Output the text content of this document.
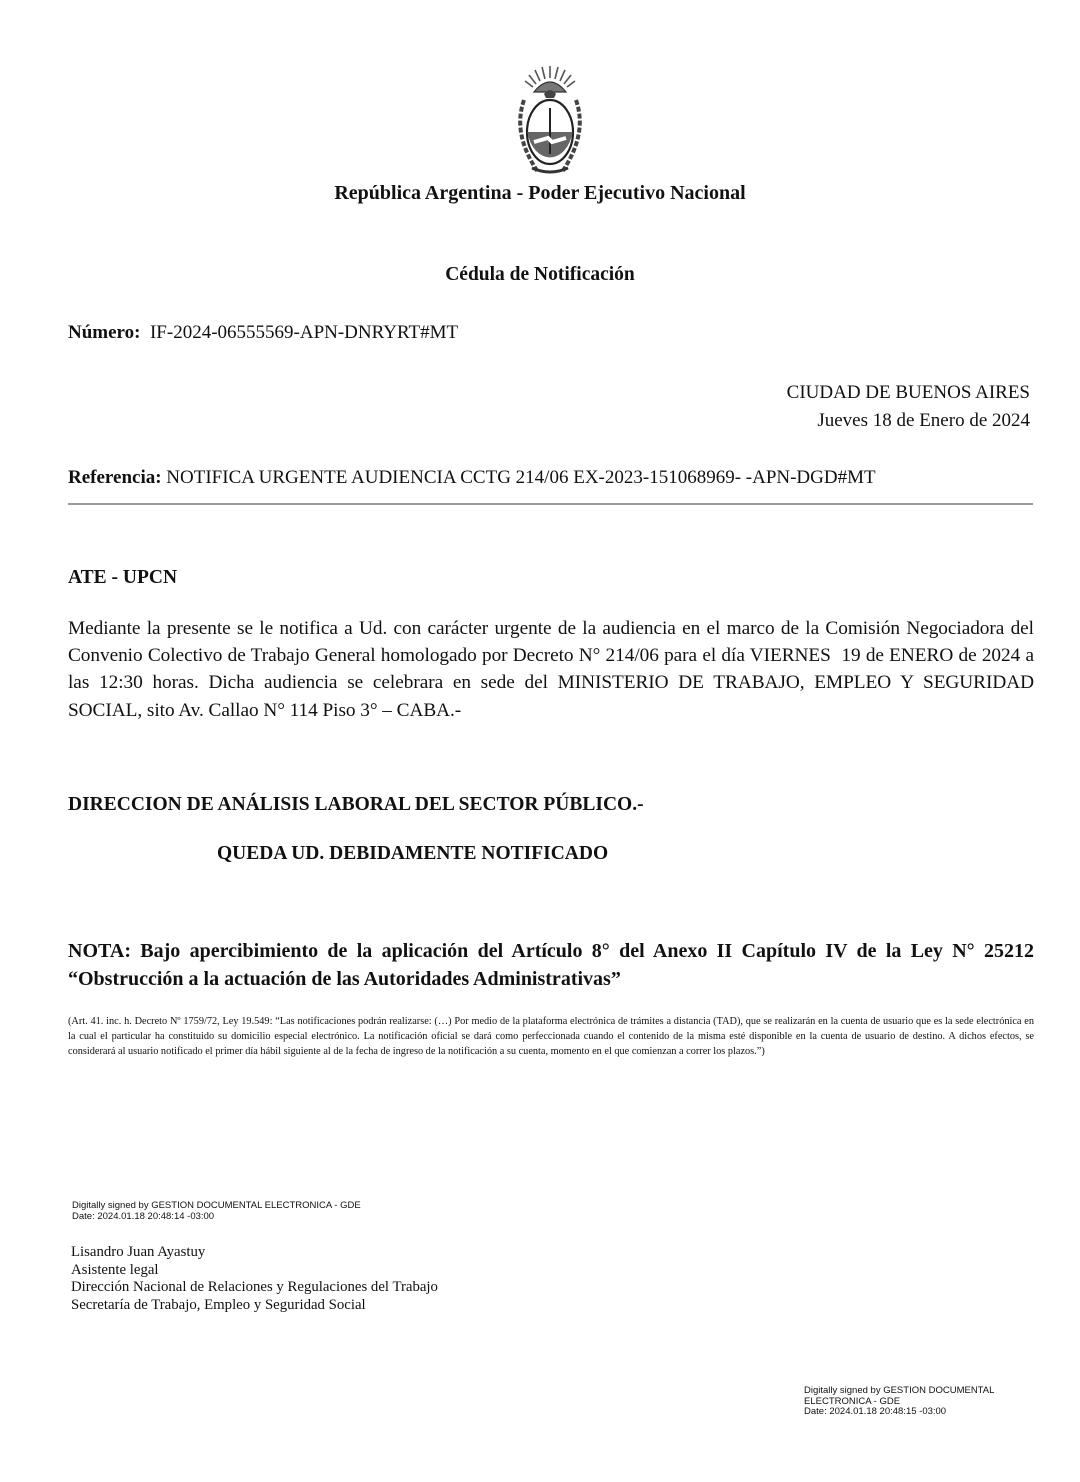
República Argentina - Poder Ejecutivo Nacional
Cédula de Notificación
Número: IF-2024-06555569-APN-DNRYRT#MT
CIUDAD DE BUENOS AIRES
Jueves 18 de Enero de 2024
Referencia: NOTIFICA URGENTE AUDIENCIA CCTG 214/06 EX-2023-151068969- -APN-DGD#MT
ATE - UPCN
Mediante la presente se le notifica a Ud. con carácter urgente de la audiencia en el marco de la Comisión Negociadora del Convenio Colectivo de Trabajo General homologado por Decreto N° 214/06 para el día VIERNES  19 de ENERO de 2024 a las 12:30 horas. Dicha audiencia se celebrara en sede del MINISTERIO DE TRABAJO, EMPLEO Y SEGURIDAD SOCIAL, sito Av. Callao N° 114 Piso 3° – CABA.-
DIRECCION DE ANÁLISIS LABORAL DEL SECTOR PÚBLICO.-
QUEDA UD. DEBIDAMENTE NOTIFICADO
NOTA: Bajo apercibimiento de la aplicación del Artículo 8° del Anexo II Capítulo IV de la Ley N° 25212 “Obstrucción a la actuación de las Autoridades Administrativas”
(Art. 41. inc. h. Decreto Nº 1759/72, Ley 19.549: “Las notificaciones podrán realizarse: (…) Por medio de la plataforma electrónica de trámites a distancia (TAD), que se realizarán en la cuenta de usuario que es la sede electrónica en la cual el particular ha constituido su domicilio especial electrónico. La notificación oficial se dará como perfeccionada cuando el contenido de la misma esté disponible en la cuenta de usuario de destino. A dichos efectos, se considerará al usuario notificado el primer día hábil siguiente al de la fecha de ingreso de la notificación a su cuenta, momento en el que comienzan a correr los plazos.”)
Digitally signed by GESTION DOCUMENTAL ELECTRONICA - GDE
Date: 2024.01.18 20:48:14 -03:00
Lisandro Juan Ayastuy
Asistente legal
Dirección Nacional de Relaciones y Regulaciones del Trabajo
Secretaría de Trabajo, Empleo y Seguridad Social
Digitally signed by GESTION DOCUMENTAL
ELECTRONICA - GDE
Date: 2024.01.18 20:48:15 -03:00
